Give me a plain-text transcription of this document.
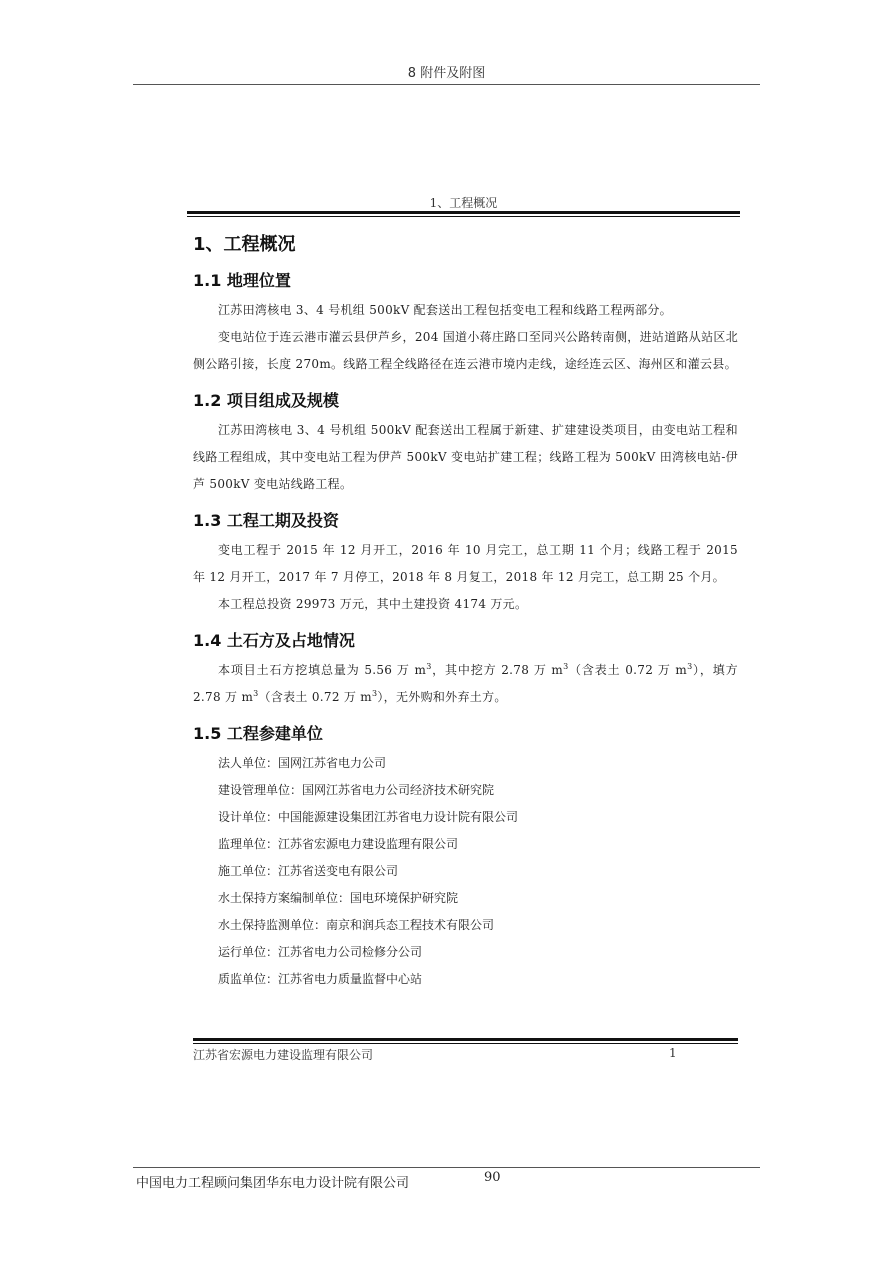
8 附件及附图
1、工程概况
1、工程概况
1.1 地理位置

江苏田湾核电 3、4 号机组 500kV 配套送出工程包括变电工程和线路工程两部分。

变电站位于连云港市灌云县伊芦乡，204 国道小蒋庄路口至同兴公路转南侧，进站道路从站区北侧公路引接，长度 270m。线路工程全线路径在连云港市境内走线，途经连云区、海州区和灌云县。

1.2 项目组成及规模

江苏田湾核电 3、4 号机组 500kV 配套送出工程属于新建、扩建建设类项目，由变电站工程和线路工程组成，其中变电站工程为伊芦 500kV 变电站扩建工程；线路工程为 500kV 田湾核电站-伊芦 500kV 变电站线路工程。

1.3 工程工期及投资

变电工程于 2015 年 12 月开工，2016 年 10 月完工，总工期 11 个月；线路工程于 2015 年 12 月开工，2017 年 7 月停工，2018 年 8 月复工，2018 年 12 月完工，总工期 25 个月。

本工程总投资 29973 万元，其中土建投资 4174 万元。

1.4 土石方及占地情况

本项目土石方挖填总量为 5.56 万 $m^3$，其中挖方 2.78 万 $m^3$（含表土 0.72 万 $m^3$），填方 2.78 万 $m^3$（含表土 0.72 万 $m^3$），无外购和外弃土方。

1.5 工程参建单位
法人单位：国网江苏省电力公司
建设管理单位：国网江苏省电力公司经济技术研究院
设计单位：中国能源建设集团江苏省电力设计院有限公司
监理单位：江苏省宏源电力建设监理有限公司
施工单位：江苏省送变电有限公司
水土保持方案编制单位：国电环境保护研究院
水土保持监测单位：南京和润兵态工程技术有限公司
运行单位：江苏省电力公司检修分公司
质监单位：江苏省电力质量监督中心站
江苏省宏源电力建设监理有限公司	1
中国电力工程顾问集团华东电力设计院有限公司	90
